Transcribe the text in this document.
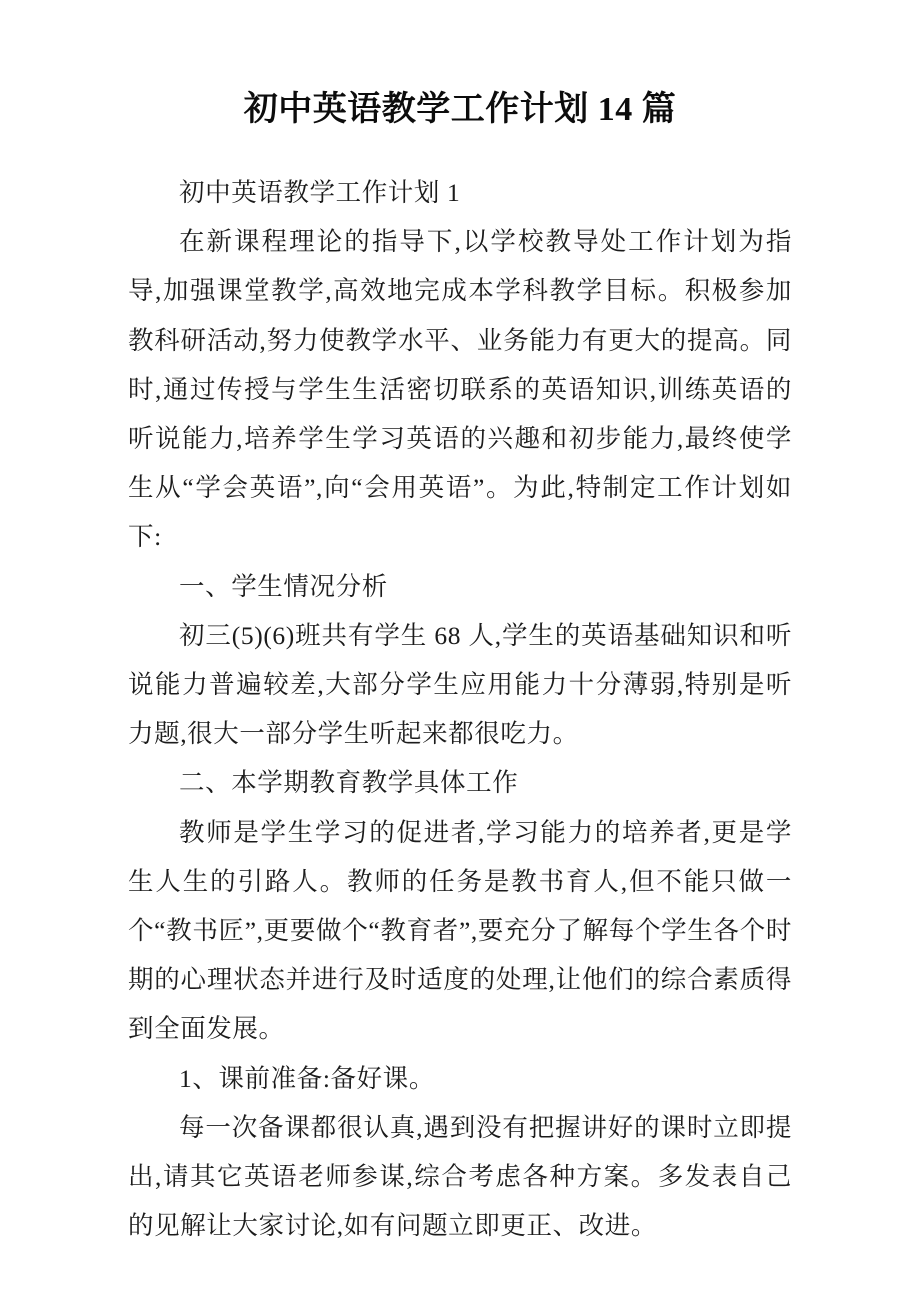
初中英语教学工作计划 14 篇

初中英语教学工作计划 1

在新课程理论的指导下,以学校教导处工作计划为指导,加强课堂教学,高效地完成本学科教学目标。积极参加教科研活动,努力使教学水平、业务能力有更大的提高。同时,通过传授与学生生活密切联系的英语知识,训练英语的听说能力,培养学生学习英语的兴趣和初步能力,最终使学生从“学会英语”,向“会用英语”。为此,特制定工作计划如下:

一、学生情况分析

初三(5)(6)班共有学生 68 人,学生的英语基础知识和听说能力普遍较差,大部分学生应用能力十分薄弱,特别是听力题,很大一部分学生听起来都很吃力。

二、本学期教育教学具体工作

教师是学生学习的促进者,学习能力的培养者,更是学生人生的引路人。教师的任务是教书育人,但不能只做一个“教书匠”,更要做个“教育者”,要充分了解每个学生各个时期的心理状态并进行及时适度的处理,让他们的综合素质得到全面发展。

1、课前准备:备好课。

每一次备课都很认真,遇到没有把握讲好的课时立即提出,请其它英语老师参谋,综合考虑各种方案。多发表自己的见解让大家讨论,如有问题立即更正、改进。
